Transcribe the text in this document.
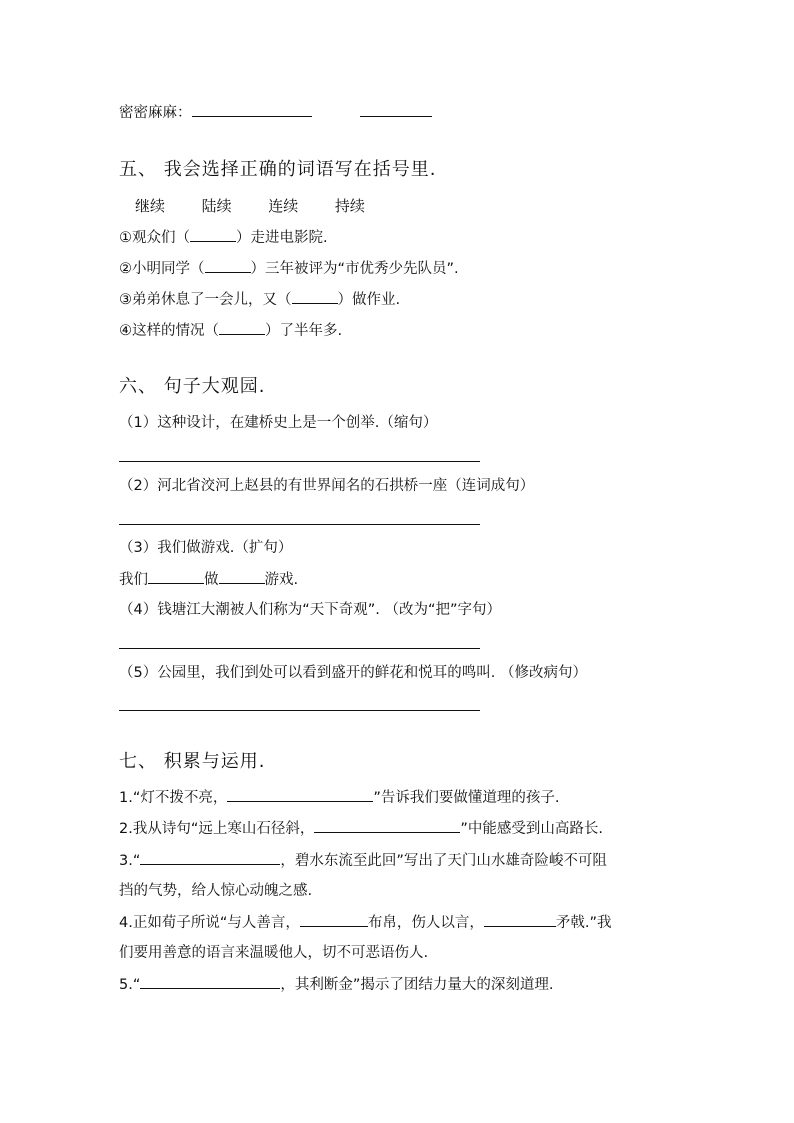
密密麻麻：
五、 我会选择正确的词语写在括号里.
继续 陆续 连续 持续
①观众们（	）走进电影院.
②小明同学（	）三年被评为“市优秀少先队员”.
③弟弟休息了一会儿，又（	）做作业.
④这样的情况（	）了半年多.
六、 句子大观园.
（1）这种设计，在建桥史上是一个创举.（缩句）
（2）河北省洨河上赵县的有世界闻名的石拱桥一座（连词成句）
（3）我们做游戏.（扩句）
我们	做	游戏.
（4）钱塘江大潮被人们称为“天下奇观”. （改为“把”字句）
（5）公园里，我们到处可以看到盛开的鲜花和悦耳的鸣叫. （修改病句）
七、 积累与运用.
1.“灯不拨不亮，	”告诉我们要做懂道理的孩子.
2.我从诗句“远上寒山石径斜，	”中能感受到山高路长.
3.“	，碧水东流至此回”写出了天门山水雄奇险峻不可阻
挡的气势，给人惊心动魄之感.
4.正如荀子所说“与人善言，	布帛，伤人以言，	矛戟.”我
们要用善意的语言来温暖他人，切不可恶语伤人.
5.“	，其利断金”揭示了团结力量大的深刻道理.
